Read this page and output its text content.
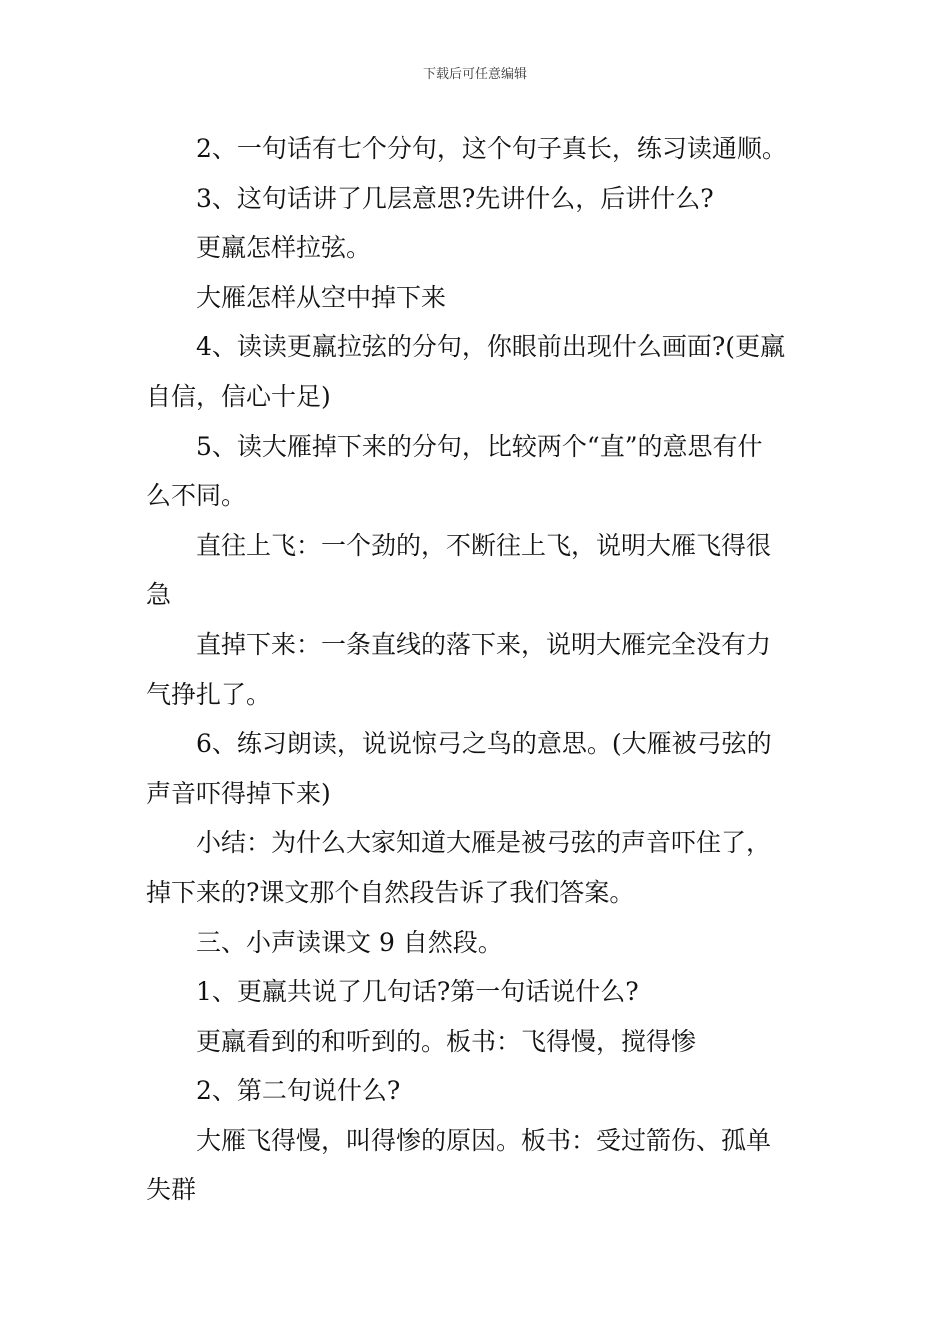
下载后可任意编辑

2、一句话有七个分句，这个句子真长，练习读通顺。

3、这句话讲了几层意思?先讲什么，后讲什么?

更羸怎样拉弦。

大雁怎样从空中掉下来

4、读读更羸拉弦的分句，你眼前出现什么画面?(更羸
自信，信心十足)

5、读大雁掉下来的分句，比较两个“直”的意思有什
么不同。

直往上飞：一个劲的，不断往上飞，说明大雁飞得很
急

直掉下来：一条直线的落下来，说明大雁完全没有力
气挣扎了。

6、练习朗读，说说惊弓之鸟的意思。(大雁被弓弦的
声音吓得掉下来)

小结：为什么大家知道大雁是被弓弦的声音吓住了，
掉下来的?课文那个自然段告诉了我们答案。

三、小声读课文 9 自然段。

1、更羸共说了几句话?第一句话说什么?

更羸看到的和听到的。板书：飞得慢，搅得惨

2、第二句说什么?

大雁飞得慢，叫得惨的原因。板书：受过箭伤、孤单
失群
